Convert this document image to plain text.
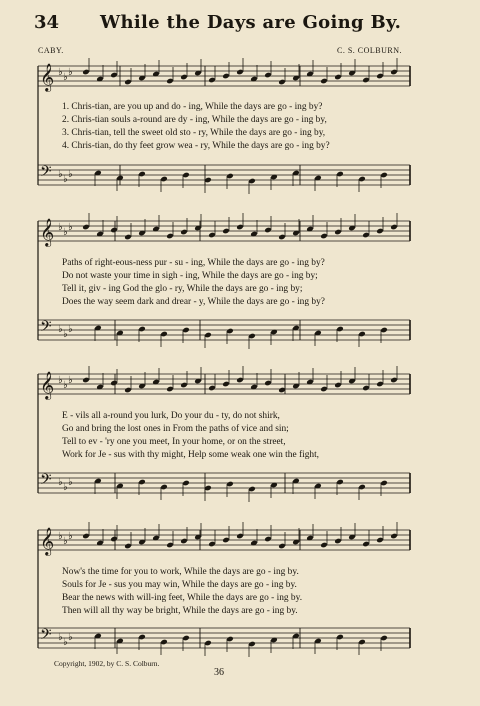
34 While the Days are Going By.
CABY.	C. S. COLBURN.
𝄞
𝄢
♭
♭
♭
♭
♭
♭
𝄞
𝄢
♭
♭
♭
♭
♭
♭
𝄞
𝄢
♭
♭
♭
♭
♭
♭
𝄞
𝄢
♭
♭
♭
♭
♭
♭
1. Chris-tian, are you up and do - ing, While the days are go - ing by?
2. Chris-tian souls a-round are dy - ing, While the days are go - ing by,
3. Chris-tian, tell the sweet old sto - ry, While the days are go - ing by,
4. Chris-tian, do thy feet grow wea - ry, While the days are go - ing by?
Paths of right-eous-ness pur - su - ing, While the days are go - ing by?
Do not waste your time in sigh - ing, While the days are go - ing by;
Tell it, giv - ing God the glo - ry, While the days are go - ing by;
Does the way seem dark and drear - y, While the days are go - ing by?
E - vils all a-round you lurk, Do your du - ty, do not shirk,
Go and bring the lost ones in From the paths of vice and sin;
Tell to ev - 'ry one you meet, In your home, or on the street,
Work for Je - sus with thy might, Help some weak one win the fight,
Now's the time for you to work, While the days are go - ing by.
Souls for Je - sus you may win, While the days are go - ing by.
Bear the news with will-ing feet, While the days are go - ing by.
Then will all thy way be bright, While the days are go - ing by.
Copyright, 1902, by C. S. Colburn.
36
